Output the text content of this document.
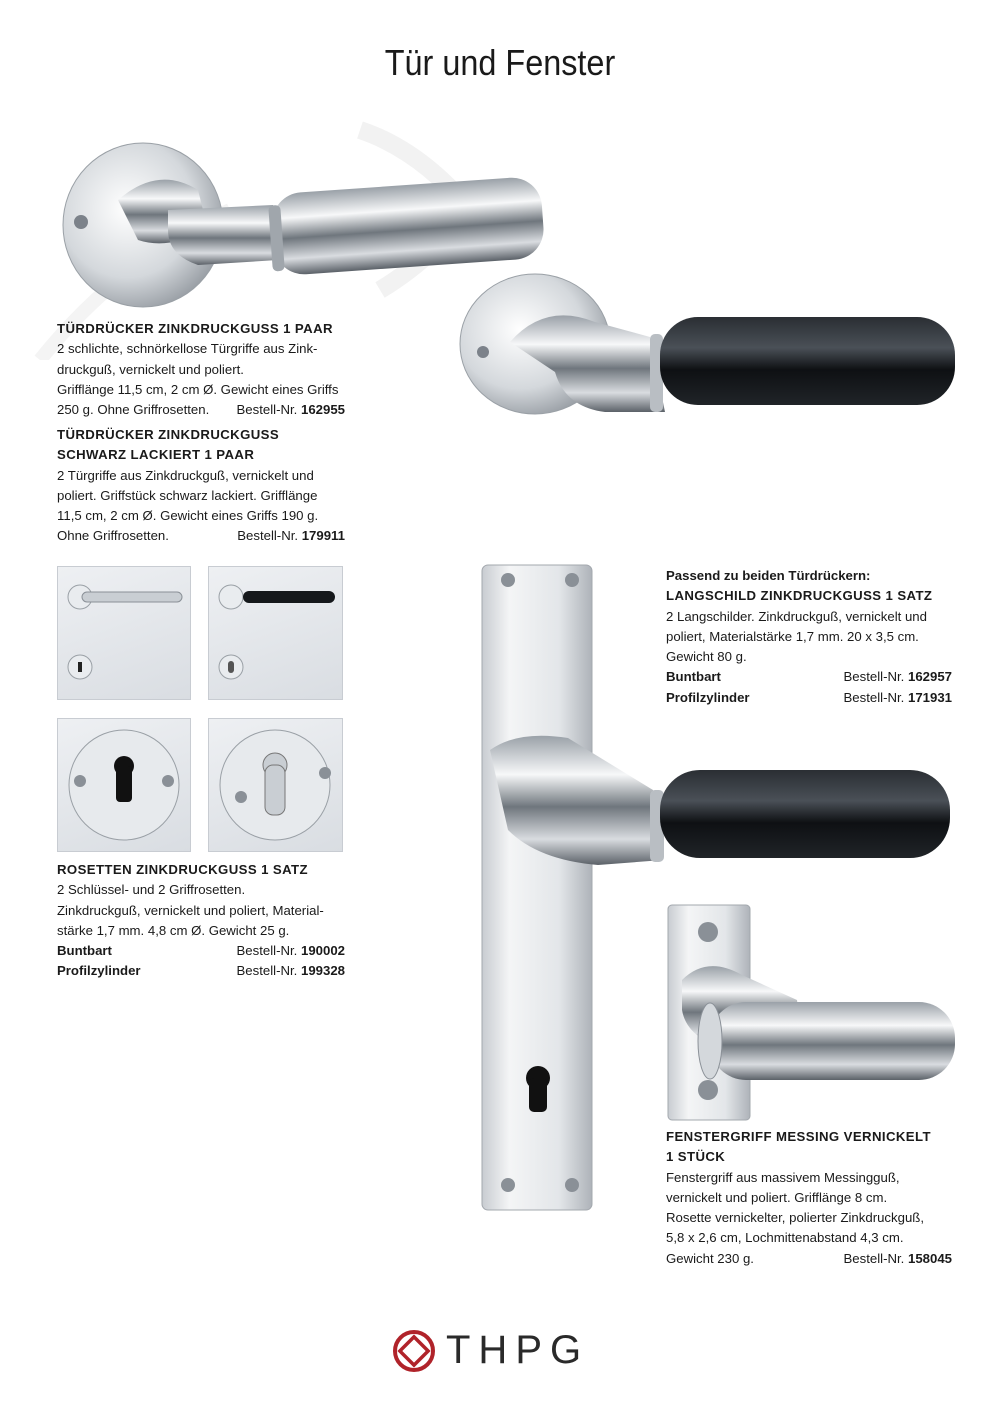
Tür und Fenster
TÜRDRÜCKER ZINKDRUCKGUSS 1 PAAR
2 schlichte, schnörkellose Türgriffe aus Zink-
druckguß, vernickelt und poliert.
Grifflänge 11,5 cm, 2 cm Ø. Gewicht eines Griffs
250 g. Ohne Griffrosetten. Bestell-Nr. 162955
TÜRDRÜCKER ZINKDRUCKGUSS
SCHWARZ LACKIERT 1 PAAR
2 Türgriffe aus Zinkdruckguß, vernickelt und
poliert. Griffstück schwarz lackiert. Grifflänge
11,5 cm, 2 cm Ø. Gewicht eines Griffs 190 g.
Ohne Griffrosetten.	Bestell-Nr. 179911
ROSETTEN ZINKDRUCKGUSS 1 SATZ
2 Schlüssel- und 2 Griffrosetten.
Zinkdruckguß, vernickelt und poliert, Material-
stärke 1,7 mm. 4,8 cm Ø. Gewicht 25 g.
Buntbart	Bestell-Nr. 190002
Profilzylinder	Bestell-Nr. 199328
Passend zu beiden Türdrückern:
LANGSCHILD ZINKDRUCKGUSS 1 SATZ
2 Langschilder. Zinkdruckguß, vernickelt und
poliert, Materialstärke 1,7 mm. 20 x 3,5 cm.
Gewicht 80 g.
Buntbart	Bestell-Nr. 162957
Profilzylinder	Bestell-Nr. 171931
FENSTERGRIFF MESSING VERNICKELT
1 STÜCK
Fenstergriff aus massivem Messingguß,
vernickelt und poliert. Grifflänge 8 cm.
Rosette vernickelter, polierter Zinkdruckguß,
5,8 x 2,6 cm, Lochmittenabstand 4,3 cm.
Gewicht 230 g.	Bestell-Nr. 158045
THPG
